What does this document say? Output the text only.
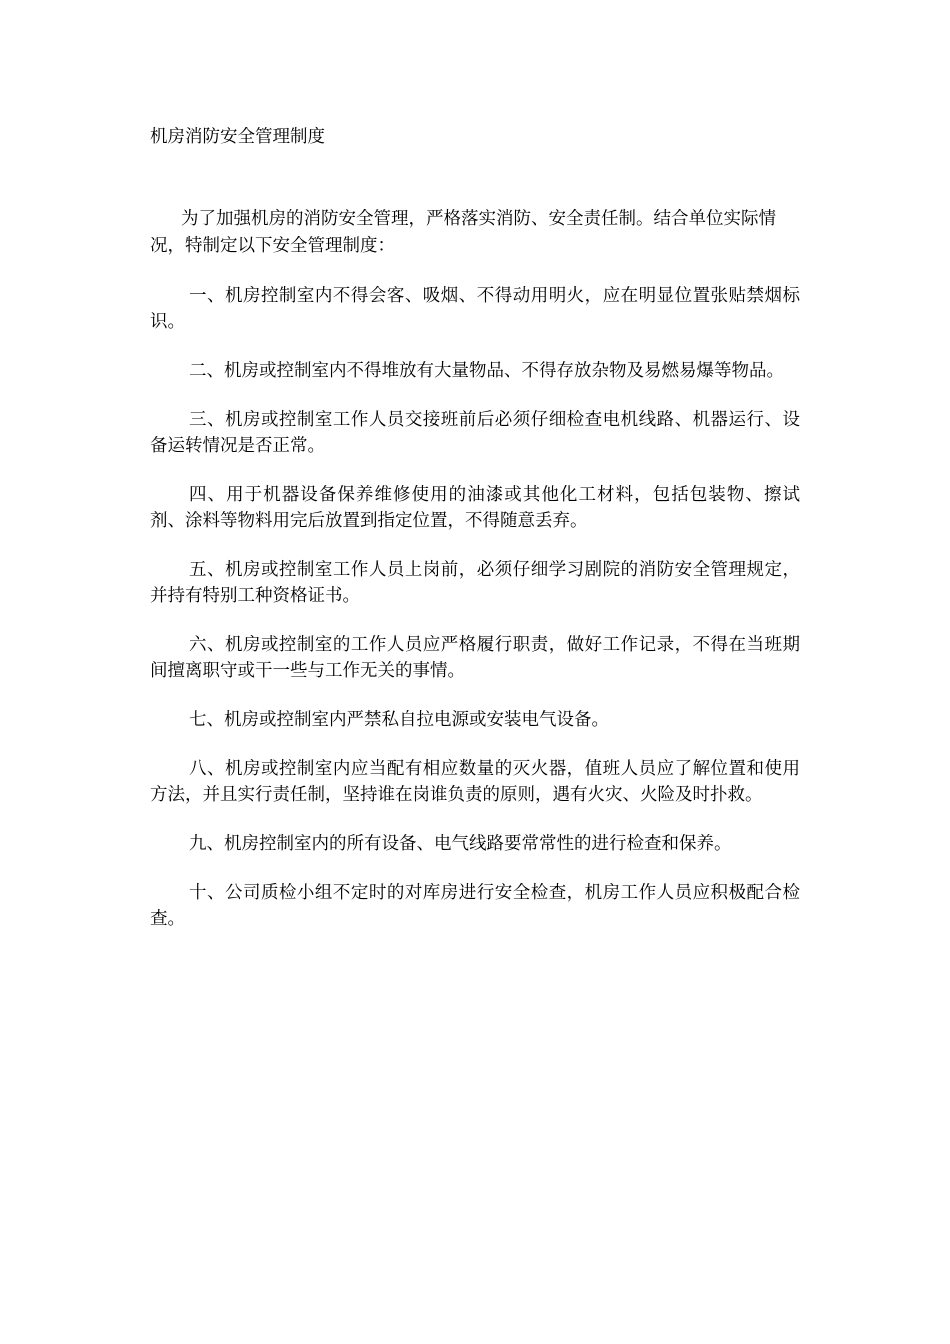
机房消防安全管理制度

为了加强机房的消防安全管理，严格落实消防、安全责任制。结合单位实际情况，特制定以下安全管理制度：

一、机房控制室内不得会客、吸烟、不得动用明火，应在明显位置张贴禁烟标识。

二、机房或控制室内不得堆放有大量物品、不得存放杂物及易燃易爆等物品。

三、机房或控制室工作人员交接班前后必须仔细检查电机线路、机器运行、设备运转情况是否正常。

四、用于机器设备保养维修使用的油漆或其他化工材料，包括包装物、擦试剂、涂料等物料用完后放置到指定位置，不得随意丢弃。

五、机房或控制室工作人员上岗前，必须仔细学习剧院的消防安全管理规定，并持有特别工种资格证书。

六、机房或控制室的工作人员应严格履行职责，做好工作记录，不得在当班期间擅离职守或干一些与工作无关的事情。

七、机房或控制室内严禁私自拉电源或安装电气设备。

八、机房或控制室内应当配有相应数量的灭火器，值班人员应了解位置和使用方法，并且实行责任制，坚持谁在岗谁负责的原则，遇有火灾、火险及时扑救。

九、机房控制室内的所有设备、电气线路要常常性的进行检查和保养。

十、公司质检小组不定时的对库房进行安全检查，机房工作人员应积极配合检查。
